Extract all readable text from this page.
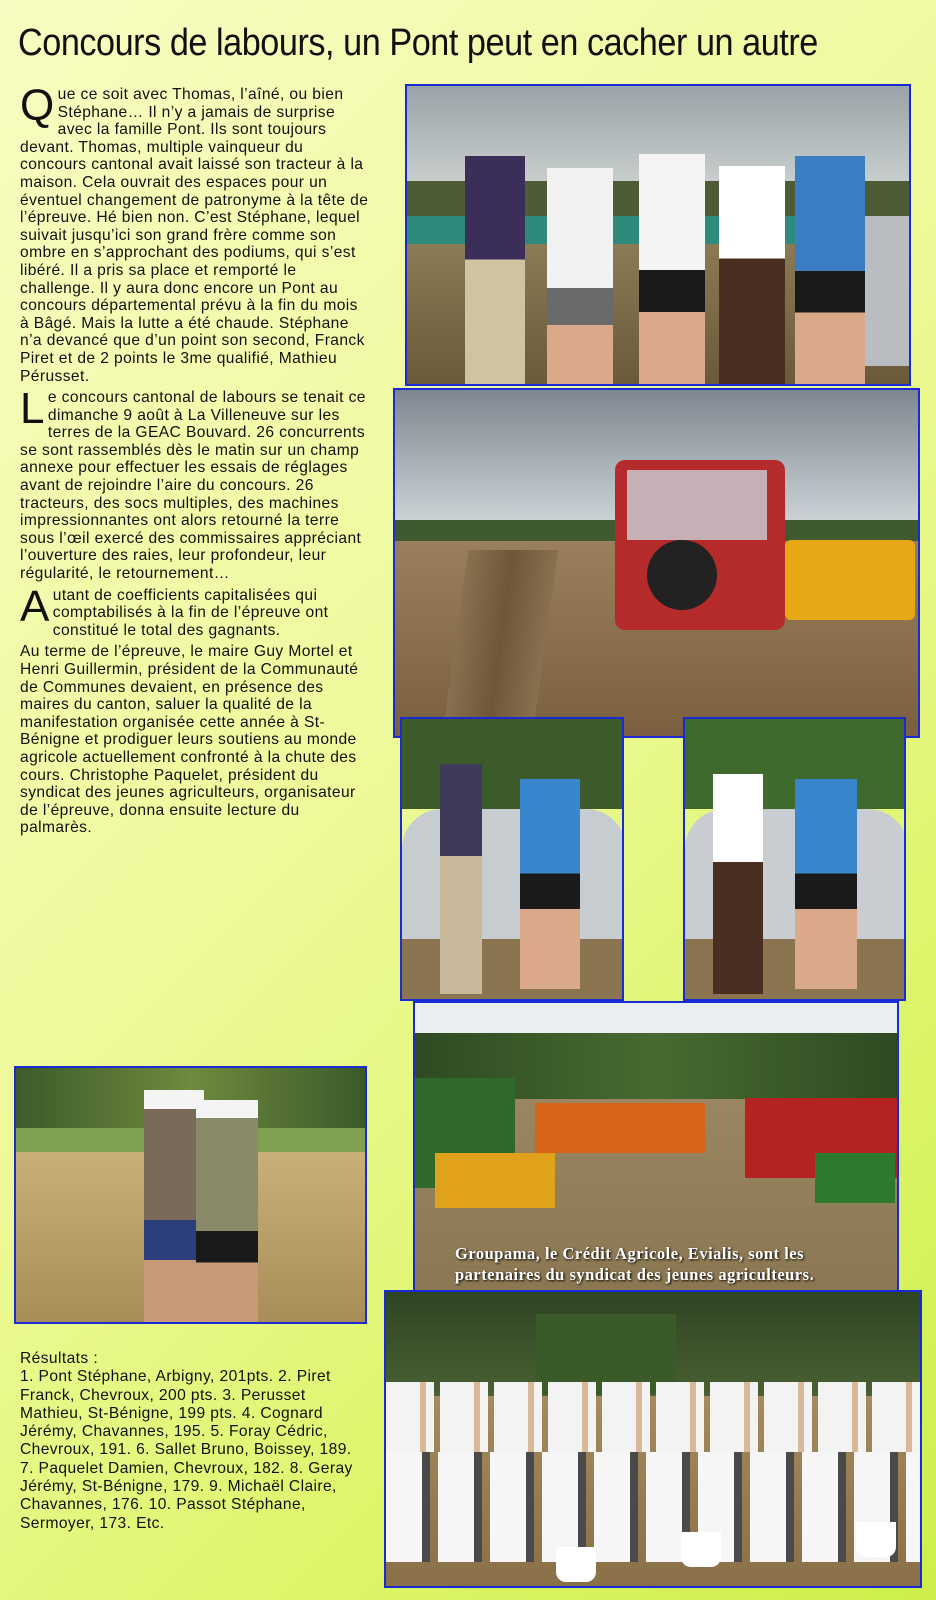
Concours de labours, un Pont peut en cacher un autre

Que ce soit avec Thomas, l’aîné, ou bien Stéphane… Il n’y a jamais de surprise avec la famille Pont. Ils sont toujours devant. Thomas, multiple vainqueur du concours cantonal avait laissé son tracteur à la maison. Cela ouvrait des espaces pour un éventuel changement de patronyme à la tête de l’épreuve. Hé bien non. C’est Stéphane, lequel suivait jusqu’ici son grand frère comme son ombre en s’approchant des podiums, qui s’est libéré. Il a pris sa place et remporté le challenge. Il y aura donc encore un Pont au concours départemental prévu à la fin du mois à Bâgé. Mais la lutte a été chaude. Stéphane n’a devancé que d’un point son second, Franck Piret et de 2 points le 3me qualifié, Mathieu Pérusset.

Le concours cantonal de labours se tenait ce dimanche 9 août à La Villeneuve sur les terres de la GEAC Bouvard. 26 concurrents se sont rassemblés dès le matin sur un champ annexe pour effectuer les essais de réglages avant de rejoindre l’aire du concours. 26 tracteurs, des socs multiples, des machines impressionnantes ont alors retourné la terre sous l’œil exercé des commissaires appréciant l’ouverture des raies, leur profondeur, leur régularité, le retournement…

Autant de coefficients capitalisées qui comptabilisés à la fin de l’épreuve ont constitué le total des gagnants.

Au terme de l’épreuve, le maire Guy Mortel et Henri Guillermin, président de la Communauté de Communes devaient, en présence des maires du canton, saluer la qualité de la manifestation organisée cette année à St-Bénigne et prodiguer leurs soutiens au monde agricole actuellement confronté à la chute des cours. Christophe Paquelet, président du syndicat des jeunes agriculteurs, organisateur de l’épreuve, donna ensuite lecture du palmarès.

Groupama, le Crédit Agricole, Evialis, sont les partenaires du syndicat des jeunes agriculteurs.
Résultats :
1. Pont Stéphane, Arbigny, 201pts. 2. Piret Franck, Chevroux, 200 pts. 3. Perusset Mathieu, St-Bénigne, 199 pts. 4. Cognard Jérémy, Chavannes, 195. 5. Foray Cédric, Chevroux, 191. 6. Sallet Bruno, Boissey, 189. 7. Paquelet Damien, Chevroux, 182. 8. Geray Jérémy, St-Bénigne, 179. 9. Michaël Claire, Chavannes, 176. 10. Passot Stéphane, Sermoyer, 173. Etc.
